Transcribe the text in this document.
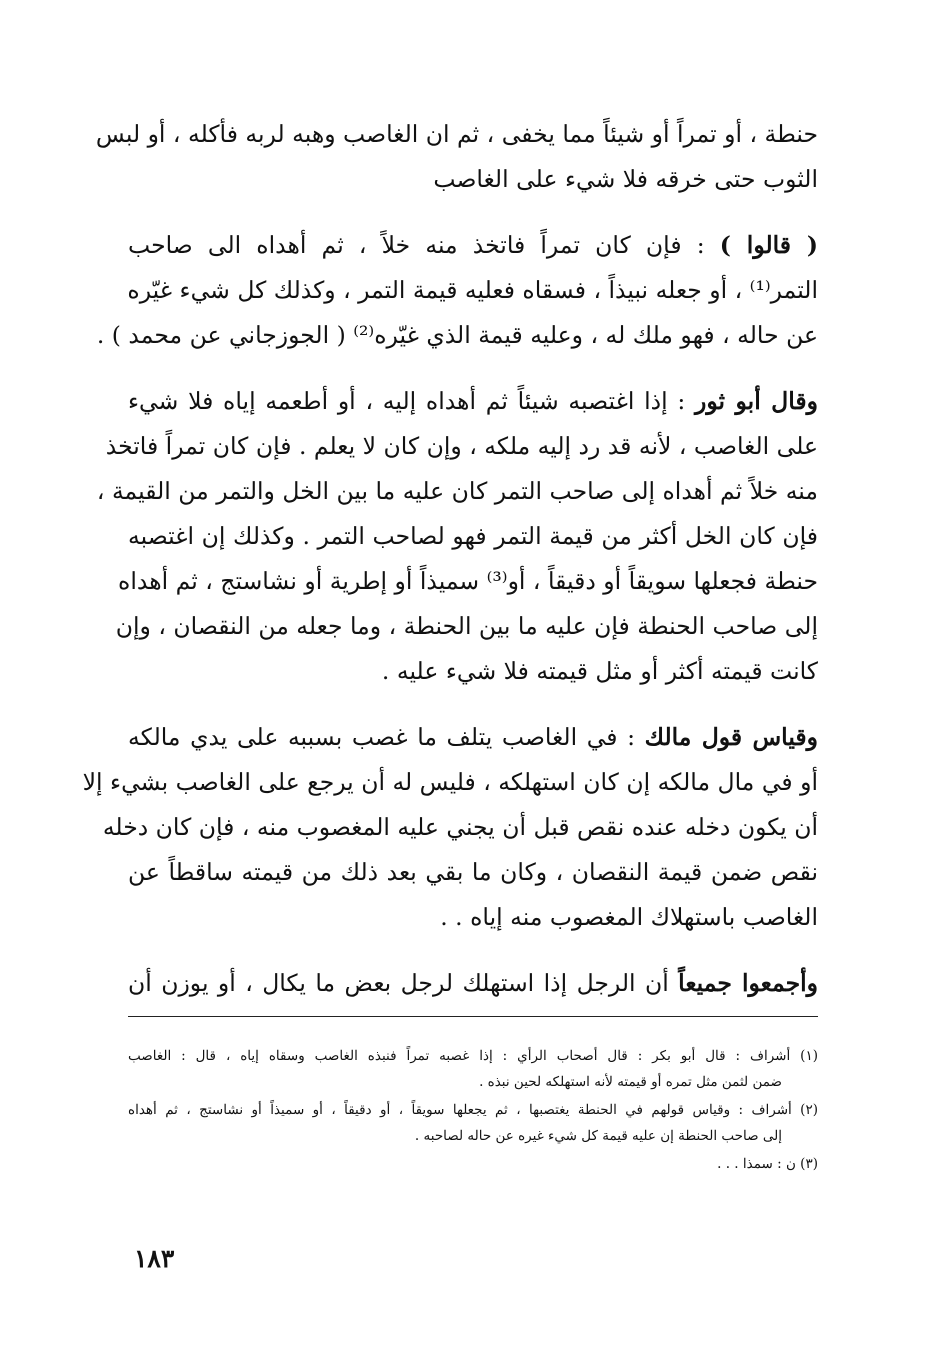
حنطة ، أو تمراً أو شيئاً مما يخفى ، ثم ان الغاصب وهبه لربه فأكله ، أو لبس
الثوب حتى خرقه فلا شيء على الغاصب
( قالوا ) : فإن كان تمراً فاتخذ منه خلاً ، ثم أهداه الى صاحب
التمر⁽¹⁾ ، أو جعله نبيذاً ، فسقاه فعليه قيمة التمر ، وكذلك كل شيء غيّره
عن حاله ، فهو ملك له ، وعليه قيمة الذي غيّره⁽²⁾ ( الجوزجاني عن محمد ) .
وقال أبو ثور : إذا اغتصبه شيئاً ثم أهداه إليه ، أو أطعمه إياه فلا شيء
على الغاصب ، لأنه قد رد إليه ملكه ، وإن كان لا يعلم . فإن كان تمراً فاتخذ
منه خلاً ثم أهداه إلى صاحب التمر كان عليه ما بين الخل والتمر من القيمة ،
فإن كان الخل أكثر من قيمة التمر فهو لصاحب التمر . وكذلك إن اغتصبه
حنطة فجعلها سويقاً أو دقيقاً ، أو⁽³⁾ سميذاً أو إطرية أو نشاستج ، ثم أهداه
إلى صاحب الحنطة فإن عليه ما بين الحنطة ، وما جعله من النقصان ، وإن
كانت قيمته أكثر أو مثل قيمته فلا شيء عليه .
وقياس قول مالك : في الغاصب يتلف ما غصب بسببه على يدي مالكه
أو في مال مالكه إن كان استهلكه ، فليس له أن يرجع على الغاصب بشيء إلا
أن يكون دخله عنده نقص قبل أن يجني عليه المغصوب منه ، فإن كان دخله
نقص ضمن قيمة النقصان ، وكان ما بقي بعد ذلك من قيمته ساقطاً عن
الغاصب باستهلاك المغصوب منه إياه . .
وأجمعوا جميعاً أن الرجل إذا استهلك لرجل بعض ما يكال ، أو يوزن أن
(١) أشراف : قال أبو بكر : قال أصحاب الرأي : إذا غصبه تمراً فنبذه الغاصب وسقاه إياه ، قال : الغاصب
ضمن لثمن مثل تمره أو قيمته لأنه استهلكه لحين نبذه .
(٢) أشراف : وقياس قولهم في الحنطة يغتصبها ، ثم يجعلها سويقاً ، أو دقيقاً ، أو سميذاً أو نشاستج ، ثم أهداه
إلى صاحب الحنطة إن عليه قيمة كل شيء غيره عن حاله لصاحبه .
(٣) ن : سمذا . . .
١٨٣
